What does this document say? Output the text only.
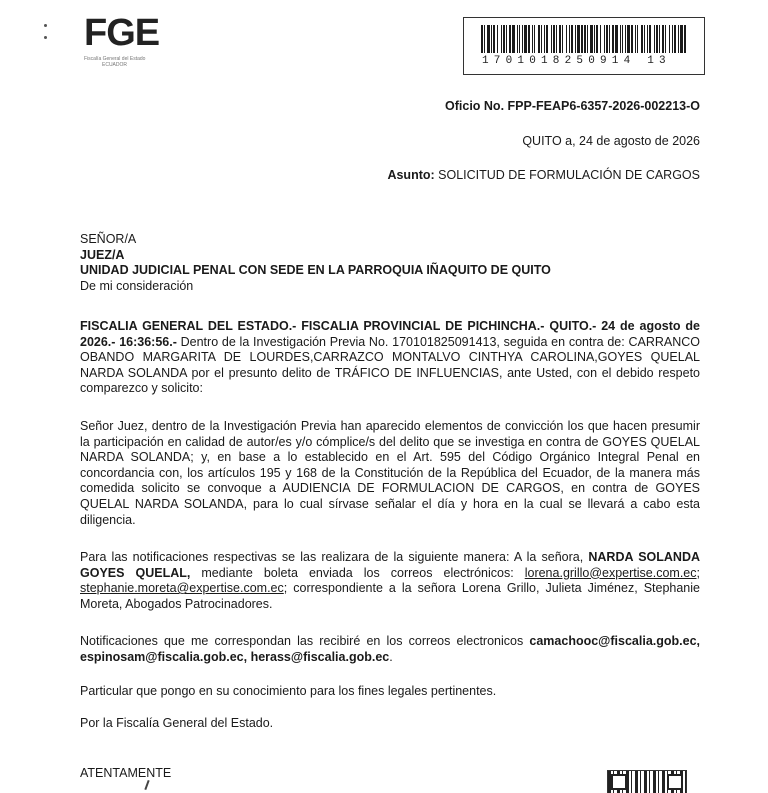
FGE
Fiscalía General del Estado
ECUADOR	1701018250914 13
Oficio No. FPP-FEAP6-6357-2026-002213-O
QUITO a, 24 de agosto de 2026
Asunto: SOLICITUD DE FORMULACIÓN DE CARGOS
SEÑOR/A
JUEZ/A
UNIDAD JUDICIAL PENAL CON SEDE EN LA PARROQUIA IÑAQUITO DE QUITO
De mi consideración
FISCALIA GENERAL DEL ESTADO.- FISCALIA PROVINCIAL DE PICHINCHA.- QUITO.- 24 de agosto de 2026.- 16:36:56.- Dentro de la Investigación Previa No. 170101825091413, seguida en contra de: CARRANCO OBANDO MARGARITA DE LOURDES,CARRAZCO MONTALVO CINTHYA CAROLINA,GOYES QUELAL NARDA SOLANDA por el presunto delito de TRÁFICO DE INFLUENCIAS, ante Usted, con el debido respeto comparezco y solicito:
Señor Juez, dentro de la Investigación Previa han aparecido elementos de convicción los que hacen presumir la participación en calidad de autor/es y/o cómplice/s del delito que se investiga en contra de GOYES QUELAL NARDA SOLANDA; y, en base a lo establecido en el Art. 595 del Código Orgánico Integral Penal en concordancia con, los artículos 195 y 168 de la Constitución de la República del Ecuador, de la manera más comedida solicito se convoque a AUDIENCIA DE FORMULACION DE CARGOS, en contra de GOYES QUELAL NARDA SOLANDA, para lo cual sírvase señalar el día y hora en la cual se llevará a cabo esta diligencia.
Para las notificaciones respectivas se las realizara de la siguiente manera: A la señora, NARDA SOLANDA GOYES QUELAL, mediante boleta enviada los correos electrónicos: lorena.grillo@expertise.com.ec; stephanie.moreta@expertise.com.ec; correspondiente a la señora Lorena Grillo, Julieta Jiménez, Stephanie Moreta, Abogados Patrocinadores.
Notificaciones que me correspondan las recibiré en los correos electronicos camachooc@fiscalia.gob.ec, espinosam@fiscalia.gob.ec, herass@fiscalia.gob.ec.
Particular que pongo en su conocimiento para los fines legales pertinentes.
Por la Fiscalía General del Estado.
ATENTAMENTE
